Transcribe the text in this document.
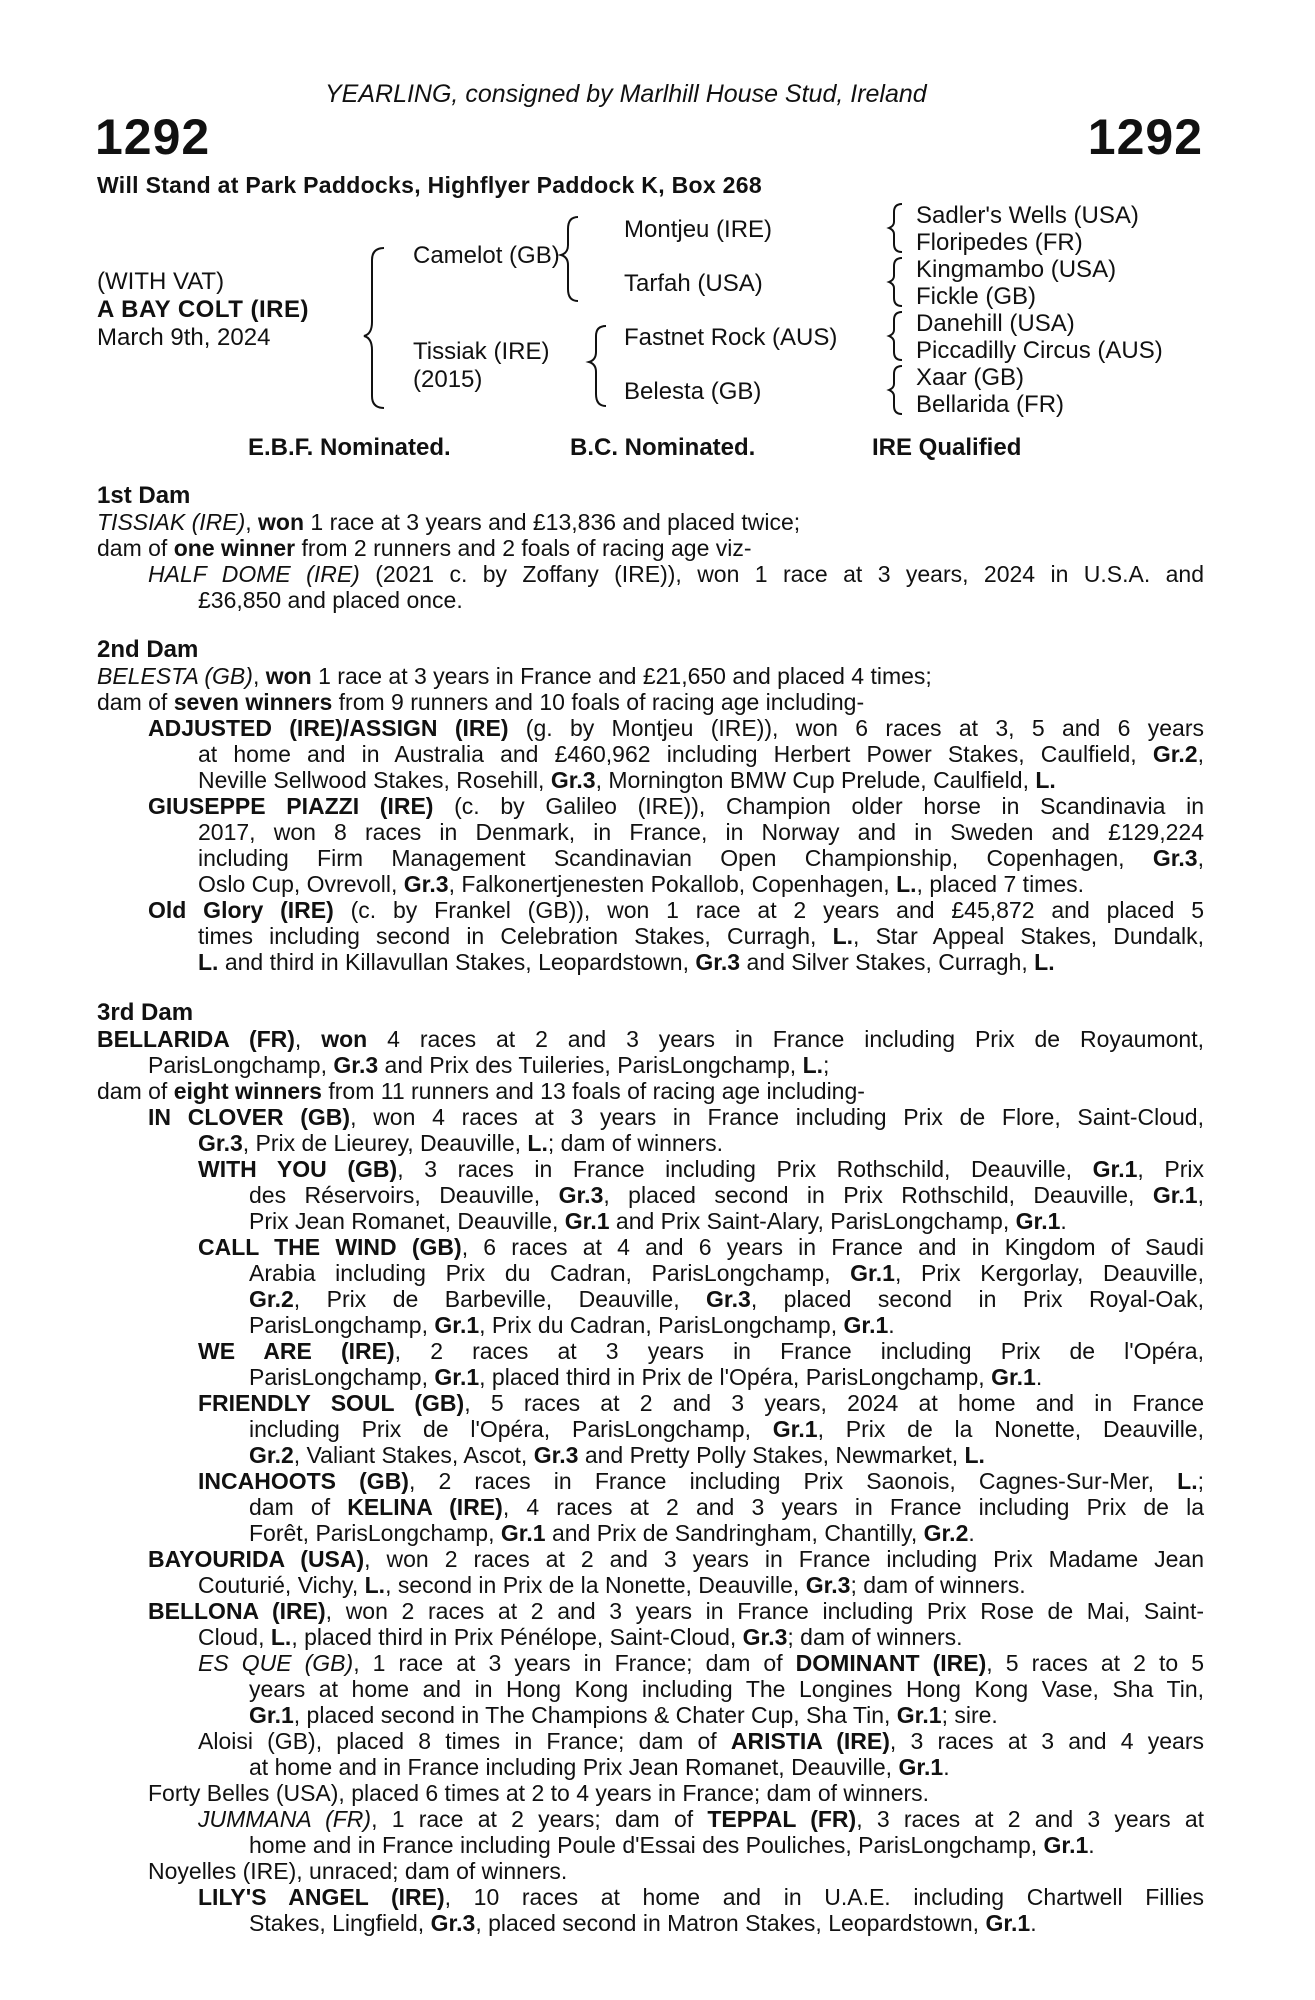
YEARLING, consigned by Marlhill House Stud, Ireland
1292	1292
Will Stand at Park Paddocks, Highflyer Paddock K, Box 268
(WITH VAT)
A BAY COLT (IRE)
March 9th, 2024
Camelot (GB)
Tissiak (IRE)
(2015)
Montjeu (IRE)
Tarfah (USA)
Fastnet Rock (AUS)
Belesta (GB)
Sadler's Wells (USA)
Floripedes (FR)
Kingmambo (USA)
Fickle (GB)
Danehill (USA)
Piccadilly Circus (AUS)
Xaar (GB)
Bellarida (FR)
E.B.F. Nominated.	B.C. Nominated.	IRE Qualified
1st Dam
TISSIAK (IRE), won 1 race at 3 years and £13,836 and placed twice;
dam of one winner from 2 runners and 2 foals of racing age viz-
HALF DOME (IRE) (2021 c. by Zoffany (IRE)), won 1 race at 3 years, 2024 in U.S.A. and
£36,850 and placed once.
2nd Dam
BELESTA (GB), won 1 race at 3 years in France and £21,650 and placed 4 times;
dam of seven winners from 9 runners and 10 foals of racing age including-
ADJUSTED (IRE)/ASSIGN (IRE) (g. by Montjeu (IRE)), won 6 races at 3, 5 and 6 years
at home and in Australia and £460,962 including Herbert Power Stakes, Caulfield, Gr.2,
Neville Sellwood Stakes, Rosehill, Gr.3, Mornington BMW Cup Prelude, Caulfield, L.
GIUSEPPE PIAZZI (IRE) (c. by Galileo (IRE)), Champion older horse in Scandinavia in
2017, won 8 races in Denmark, in France, in Norway and in Sweden and £129,224
including Firm Management Scandinavian Open Championship, Copenhagen, Gr.3,
Oslo Cup, Ovrevoll, Gr.3, Falkonertjenesten Pokallob, Copenhagen, L., placed 7 times.
Old Glory (IRE) (c. by Frankel (GB)), won 1 race at 2 years and £45,872 and placed 5
times including second in Celebration Stakes, Curragh, L., Star Appeal Stakes, Dundalk,
L. and third in Killavullan Stakes, Leopardstown, Gr.3 and Silver Stakes, Curragh, L.
3rd Dam
BELLARIDA (FR), won 4 races at 2 and 3 years in France including Prix de Royaumont,
ParisLongchamp, Gr.3 and Prix des Tuileries, ParisLongchamp, L.;
dam of eight winners from 11 runners and 13 foals of racing age including-
IN CLOVER (GB), won 4 races at 3 years in France including Prix de Flore, Saint-Cloud,
Gr.3, Prix de Lieurey, Deauville, L.; dam of winners.
WITH YOU (GB), 3 races in France including Prix Rothschild, Deauville, Gr.1, Prix
des Réservoirs, Deauville, Gr.3, placed second in Prix Rothschild, Deauville, Gr.1,
Prix Jean Romanet, Deauville, Gr.1 and Prix Saint-Alary, ParisLongchamp, Gr.1.
CALL THE WIND (GB), 6 races at 4 and 6 years in France and in Kingdom of Saudi
Arabia including Prix du Cadran, ParisLongchamp, Gr.1, Prix Kergorlay, Deauville,
Gr.2, Prix de Barbeville, Deauville, Gr.3, placed second in Prix Royal-Oak,
ParisLongchamp, Gr.1, Prix du Cadran, ParisLongchamp, Gr.1.
WE ARE (IRE), 2 races at 3 years in France including Prix de l'Opéra,
ParisLongchamp, Gr.1, placed third in Prix de l'Opéra, ParisLongchamp, Gr.1.
FRIENDLY SOUL (GB), 5 races at 2 and 3 years, 2024 at home and in France
including Prix de l'Opéra, ParisLongchamp, Gr.1, Prix de la Nonette, Deauville,
Gr.2, Valiant Stakes, Ascot, Gr.3 and Pretty Polly Stakes, Newmarket, L.
INCAHOOTS (GB), 2 races in France including Prix Saonois, Cagnes-Sur-Mer, L.;
dam of KELINA (IRE), 4 races at 2 and 3 years in France including Prix de la
Forêt, ParisLongchamp, Gr.1 and Prix de Sandringham, Chantilly, Gr.2.
BAYOURIDA (USA), won 2 races at 2 and 3 years in France including Prix Madame Jean
Couturié, Vichy, L., second in Prix de la Nonette, Deauville, Gr.3; dam of winners.
BELLONA (IRE), won 2 races at 2 and 3 years in France including Prix Rose de Mai, Saint-
Cloud, L., placed third in Prix Pénélope, Saint-Cloud, Gr.3; dam of winners.
ES QUE (GB), 1 race at 3 years in France; dam of DOMINANT (IRE), 5 races at 2 to 5
years at home and in Hong Kong including The Longines Hong Kong Vase, Sha Tin,
Gr.1, placed second in The Champions & Chater Cup, Sha Tin, Gr.1; sire.
Aloisi (GB), placed 8 times in France; dam of ARISTIA (IRE), 3 races at 3 and 4 years
at home and in France including Prix Jean Romanet, Deauville, Gr.1.
Forty Belles (USA), placed 6 times at 2 to 4 years in France; dam of winners.
JUMMANA (FR), 1 race at 2 years; dam of TEPPAL (FR), 3 races at 2 and 3 years at
home and in France including Poule d'Essai des Pouliches, ParisLongchamp, Gr.1.
Noyelles (IRE), unraced; dam of winners.
LILY'S ANGEL (IRE), 10 races at home and in U.A.E. including Chartwell Fillies
Stakes, Lingfield, Gr.3, placed second in Matron Stakes, Leopardstown, Gr.1.
